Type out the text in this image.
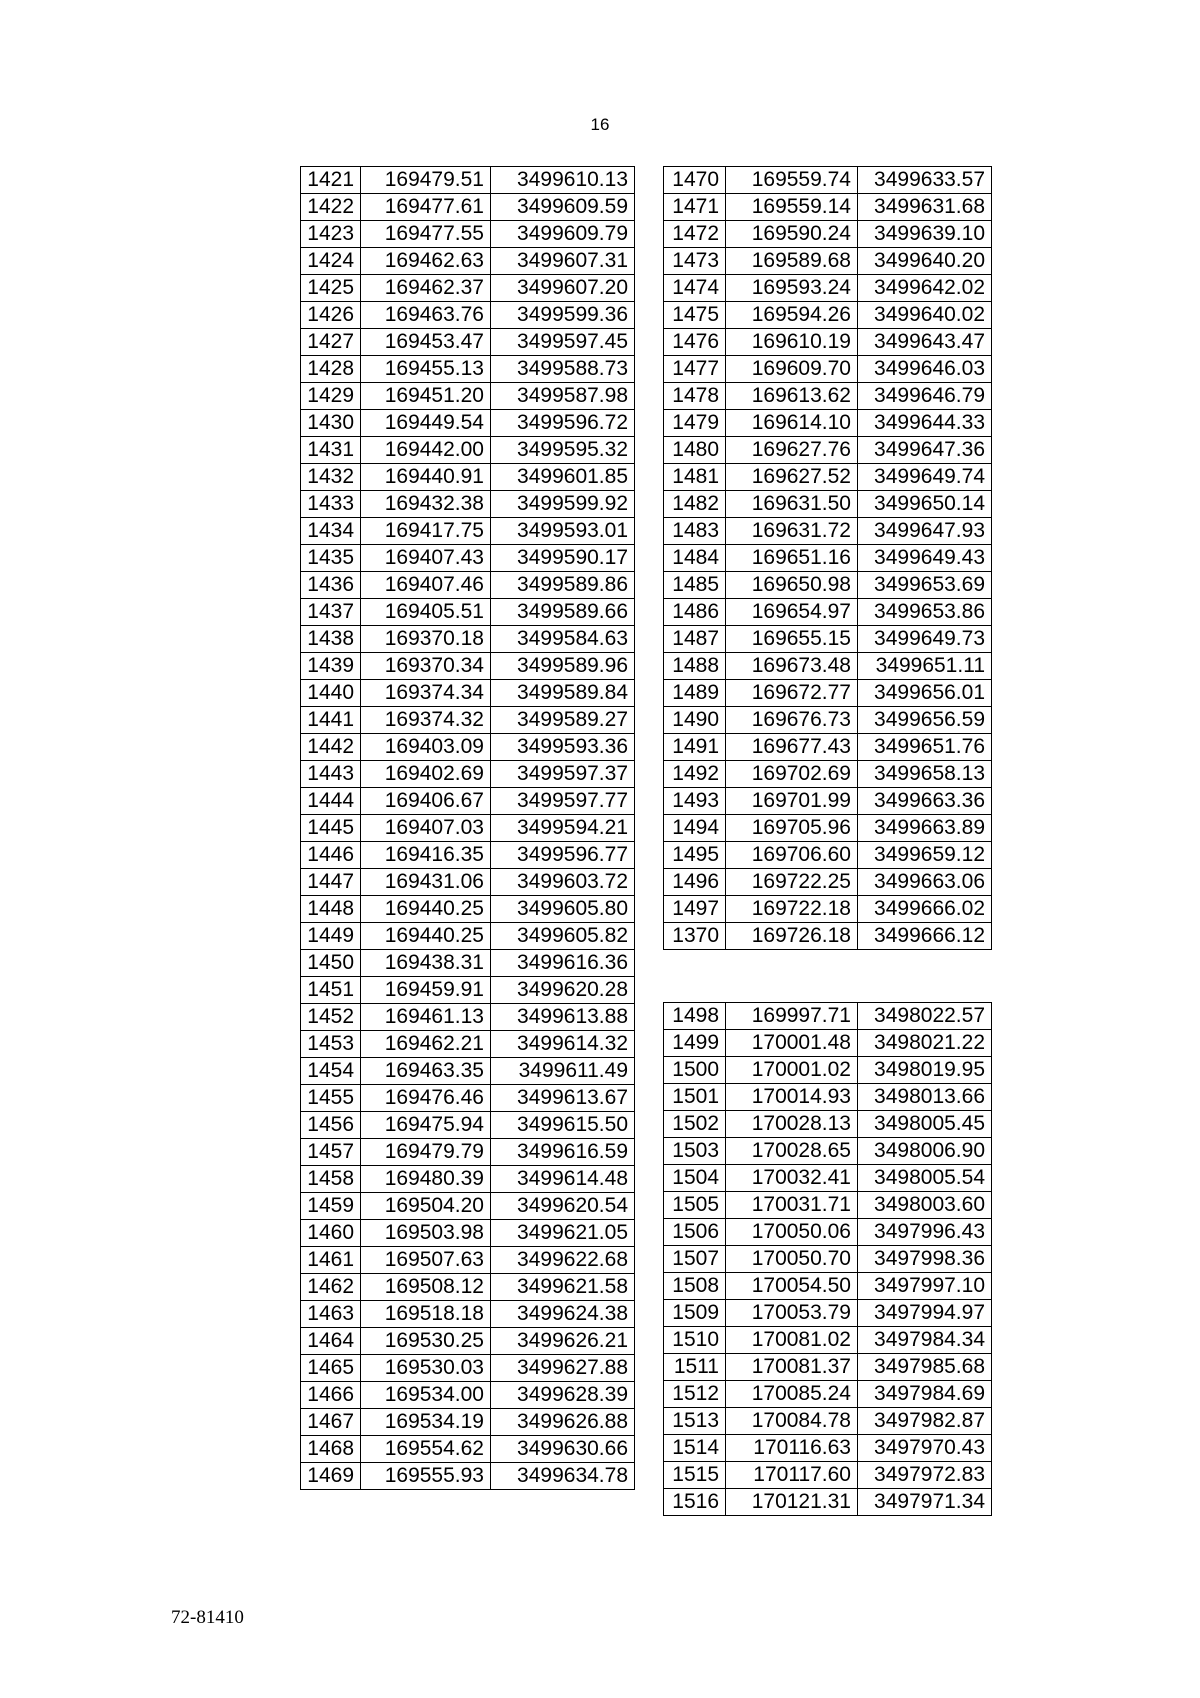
16
1421	169479.51	3499610.13
1422	169477.61	3499609.59
1423	169477.55	3499609.79
1424	169462.63	3499607.31
1425	169462.37	3499607.20
1426	169463.76	3499599.36
1427	169453.47	3499597.45
1428	169455.13	3499588.73
1429	169451.20	3499587.98
1430	169449.54	3499596.72
1431	169442.00	3499595.32
1432	169440.91	3499601.85
1433	169432.38	3499599.92
1434	169417.75	3499593.01
1435	169407.43	3499590.17
1436	169407.46	3499589.86
1437	169405.51	3499589.66
1438	169370.18	3499584.63
1439	169370.34	3499589.96
1440	169374.34	3499589.84
1441	169374.32	3499589.27
1442	169403.09	3499593.36
1443	169402.69	3499597.37
1444	169406.67	3499597.77
1445	169407.03	3499594.21
1446	169416.35	3499596.77
1447	169431.06	3499603.72
1448	169440.25	3499605.80
1449	169440.25	3499605.82
1450	169438.31	3499616.36
1451	169459.91	3499620.28
1452	169461.13	3499613.88
1453	169462.21	3499614.32
1454	169463.35	3499611.49
1455	169476.46	3499613.67
1456	169475.94	3499615.50
1457	169479.79	3499616.59
1458	169480.39	3499614.48
1459	169504.20	3499620.54
1460	169503.98	3499621.05
1461	169507.63	3499622.68
1462	169508.12	3499621.58
1463	169518.18	3499624.38
1464	169530.25	3499626.21
1465	169530.03	3499627.88
1466	169534.00	3499628.39
1467	169534.19	3499626.88
1468	169554.62	3499630.66
1469	169555.93	3499634.78
1470	169559.74	3499633.57
1471	169559.14	3499631.68
1472	169590.24	3499639.10
1473	169589.68	3499640.20
1474	169593.24	3499642.02
1475	169594.26	3499640.02
1476	169610.19	3499643.47
1477	169609.70	3499646.03
1478	169613.62	3499646.79
1479	169614.10	3499644.33
1480	169627.76	3499647.36
1481	169627.52	3499649.74
1482	169631.50	3499650.14
1483	169631.72	3499647.93
1484	169651.16	3499649.43
1485	169650.98	3499653.69
1486	169654.97	3499653.86
1487	169655.15	3499649.73
1488	169673.48	3499651.11
1489	169672.77	3499656.01
1490	169676.73	3499656.59
1491	169677.43	3499651.76
1492	169702.69	3499658.13
1493	169701.99	3499663.36
1494	169705.96	3499663.89
1495	169706.60	3499659.12
1496	169722.25	3499663.06
1497	169722.18	3499666.02
1370	169726.18	3499666.12
1498	169997.71	3498022.57
1499	170001.48	3498021.22
1500	170001.02	3498019.95
1501	170014.93	3498013.66
1502	170028.13	3498005.45
1503	170028.65	3498006.90
1504	170032.41	3498005.54
1505	170031.71	3498003.60
1506	170050.06	3497996.43
1507	170050.70	3497998.36
1508	170054.50	3497997.10
1509	170053.79	3497994.97
1510	170081.02	3497984.34
1511	170081.37	3497985.68
1512	170085.24	3497984.69
1513	170084.78	3497982.87
1514	170116.63	3497970.43
1515	170117.60	3497972.83
1516	170121.31	3497971.34
72-81410
